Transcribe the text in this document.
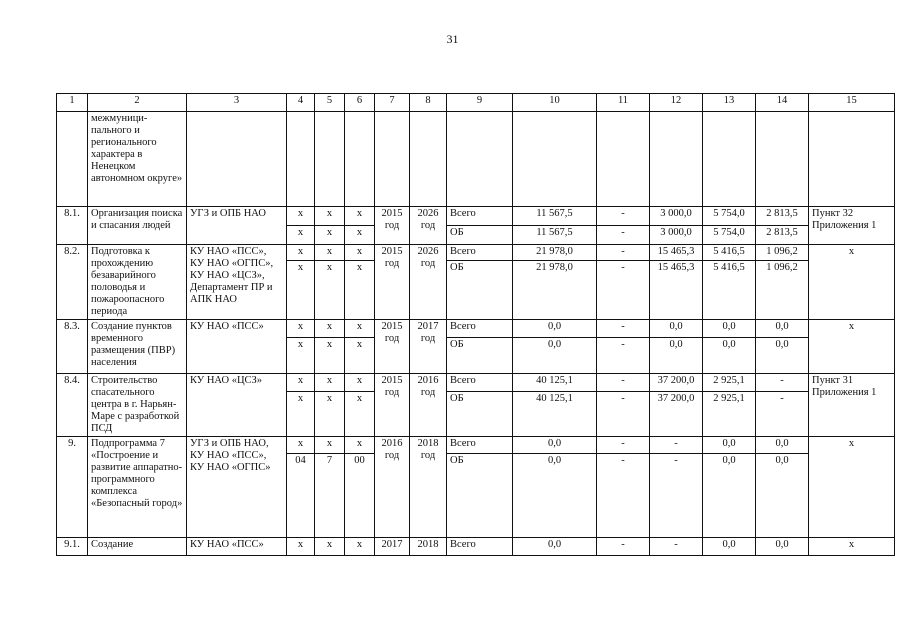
31
1	2	3	4	5	6	7	8	9	10	11	12	13	14	15
	межмуници-пального и регионального характера в Ненецком автономном округе»													
8.1.	Организация поиска и спасания людей	УГЗ и ОПБ НАО	х	х	х	2015 год	2026 год	Всего	11 567,5	-	3 000,0	5 754,0	2 813,5	Пункт 32 Приложения 1
			х	х	х			ОБ	11 567,5	-	3 000,0	5 754,0	2 813,5	
8.2.	Подготовка к прохождению безаварийного половодья и пожароопасного периода	КУ НАО «ПСС», КУ НАО «ОГПС», КУ НАО «ЦСЗ», Департамент ПР и АПК НАО	х	х	х	2015 год	2026 год	Всего	21 978,0	-	15 465,3	5 416,5	1 096,2	х
			х	х	х			ОБ	21 978,0	-	15 465,3	5 416,5	1 096,2	
8.3.	Создание пунктов временного размещения (ПВР) населения	КУ НАО «ПСС»	х	х	х	2015 год	2017 год	Всего	0,0	-	0,0	0,0	0,0	х
			х	х	х			ОБ	0,0	-	0,0	0,0	0,0	
8.4.	Строительство спасательного центра в г. Нарьян-Маре с разработкой ПСД	КУ НАО «ЦСЗ»	х	х	х	2015 год	2016 год	Всего	40 125,1	-	37 200,0	2 925,1	-	Пункт 31 Приложения 1
			х	х	х			ОБ	40 125,1	-	37 200,0	2 925,1	-	
9.	Подпрограмма 7 «Построение и развитие аппаратно-программного комплекса «Безопасный город»	УГЗ и ОПБ НАО, КУ НАО «ПСС», КУ НАО «ОГПС»	х	х	х	2016 год	2018 год	Всего	0,0	-	-	0,0	0,0	х
			04	7	00			ОБ	0,0	-	-	0,0	0,0	
9.1.	Создание	КУ НАО «ПСС»	х	х	х	2017	2018	Всего	0,0	-	-	0,0	0,0	х
